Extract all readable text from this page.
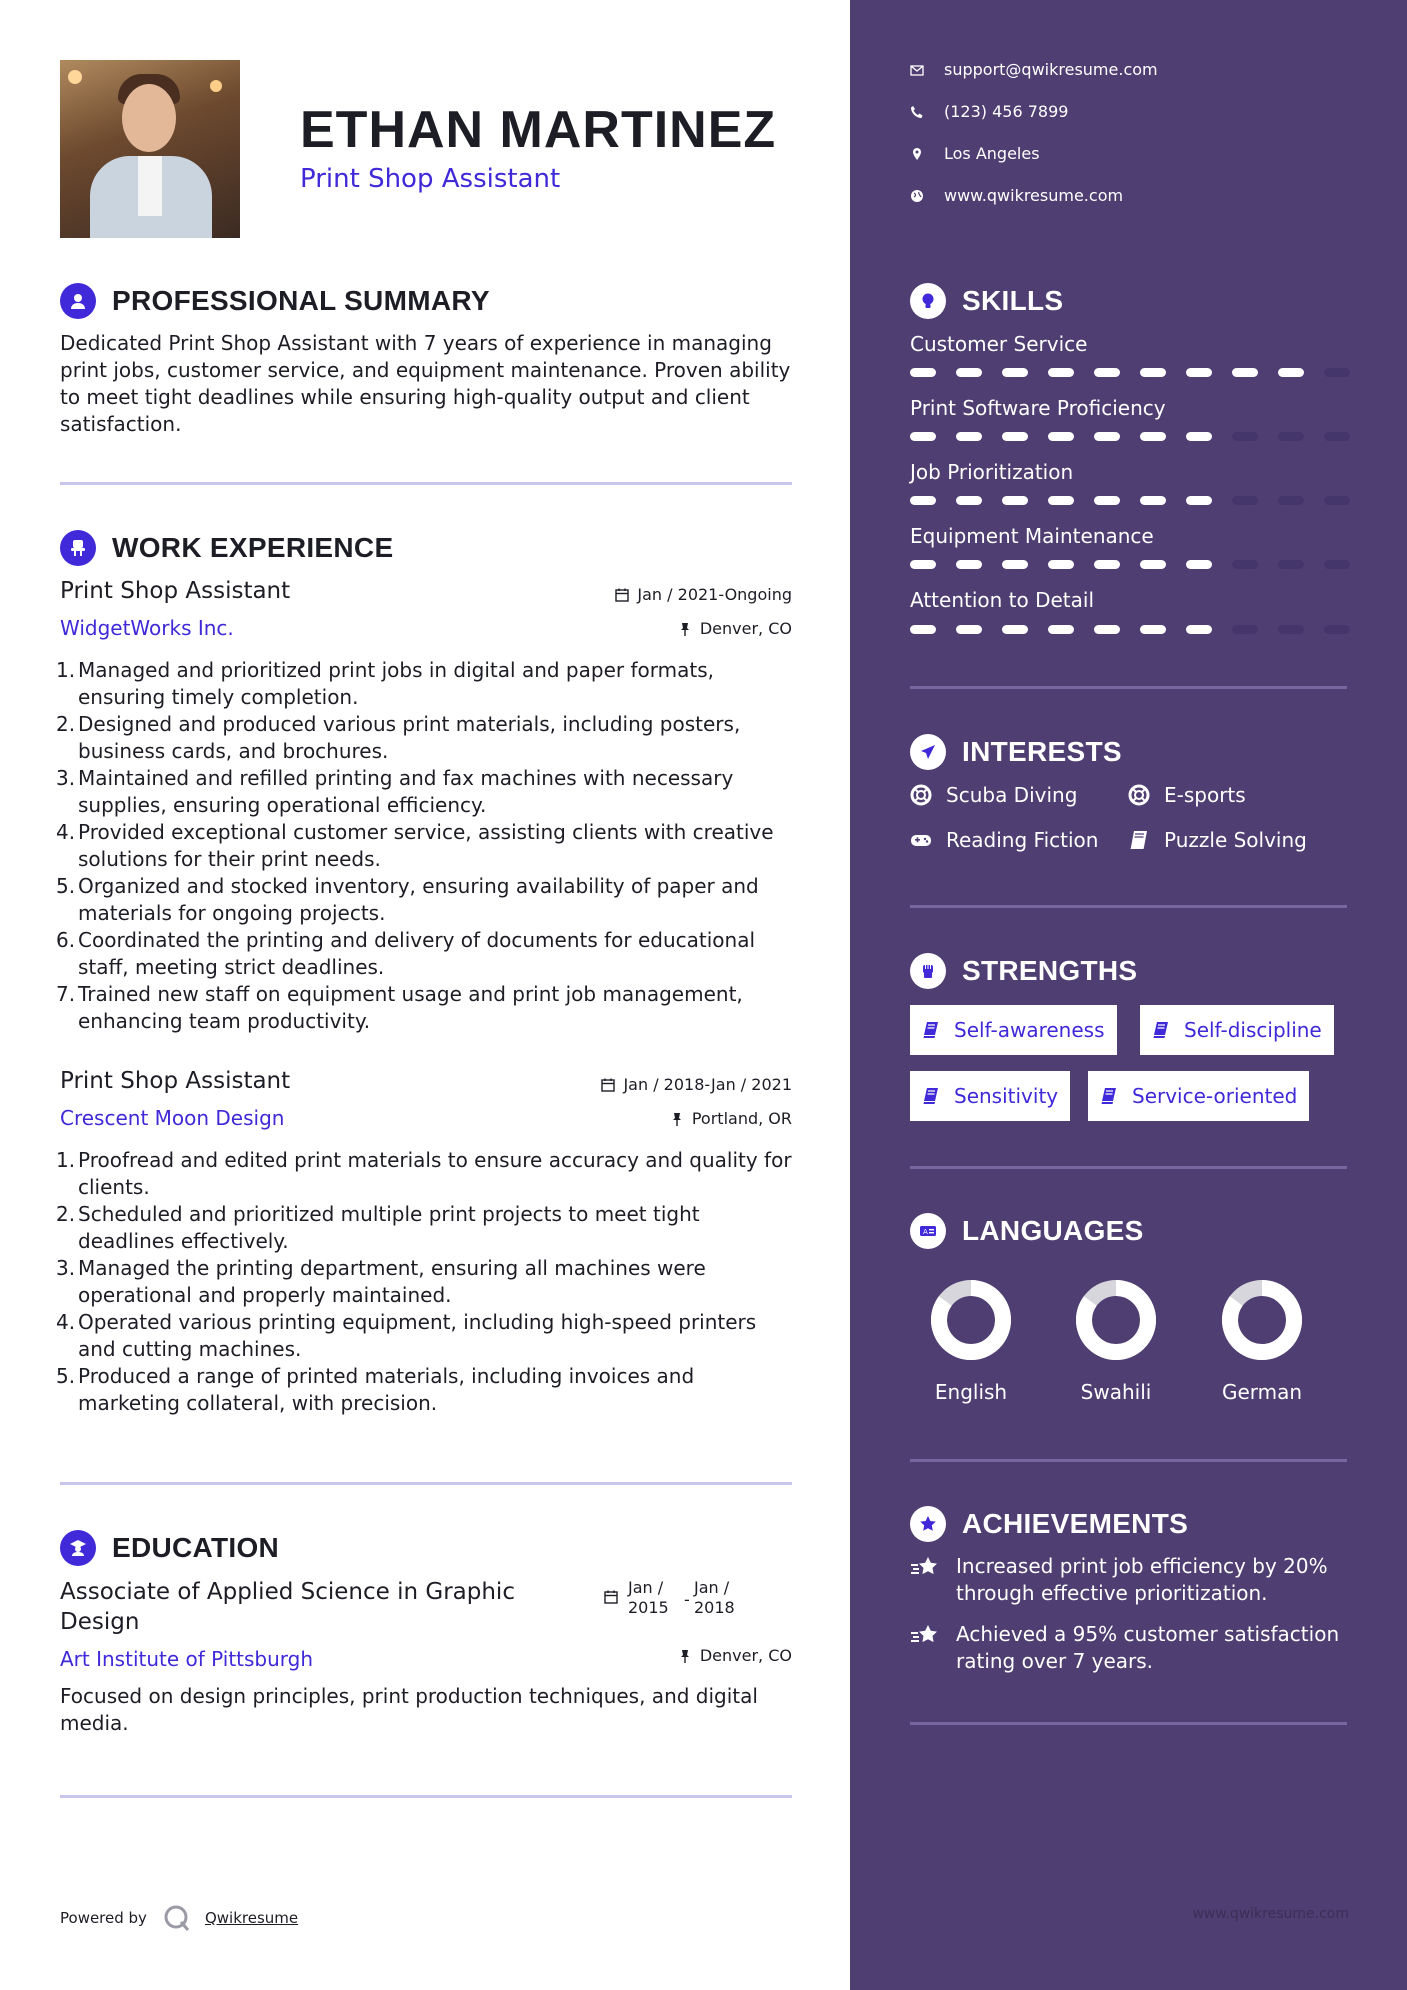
ETHAN MARTINEZ
Print Shop Assistant
PROFESSIONAL SUMMARY
Dedicated Print Shop Assistant with 7 years of experience in managing print jobs, customer service, and equipment maintenance. Proven ability to meet tight deadlines while ensuring high-quality output and client satisfaction.
WORK EXPERIENCE
Print Shop Assistant	Jan / 2021-Ongoing
WidgetWorks Inc.	Denver, CO
1. Managed and prioritized print jobs in digital and paper formats, ensuring timely completion.
2. Designed and produced various print materials, including posters, business cards, and brochures.
3. Maintained and refilled printing and fax machines with necessary supplies, ensuring operational efficiency.
4. Provided exceptional customer service, assisting clients with creative solutions for their print needs.
5. Organized and stocked inventory, ensuring availability of paper and materials for ongoing projects.
6. Coordinated the printing and delivery of documents for educational staff, meeting strict deadlines.
7. Trained new staff on equipment usage and print job management, enhancing team productivity.
Print Shop Assistant	Jan / 2018-Jan / 2021
Crescent Moon Design	Portland, OR
1. Proofread and edited print materials to ensure accuracy and quality for clients.
2. Scheduled and prioritized multiple print projects to meet tight deadlines effectively.
3. Managed the printing department, ensuring all machines were operational and properly maintained.
4. Operated various printing equipment, including high-speed printers and cutting machines.
5. Produced a range of printed materials, including invoices and marketing collateral, with precision.
EDUCATION
Associate of Applied Science in Graphic Design
Jan /
2015 -
Jan /
2018
Art Institute of Pittsburgh	Denver, CO
Focused on design principles, print production techniques, and digital media.
Powered by	Qwikresume
support@qwikresume.com
(123) 456 7899
Los Angeles
www.qwikresume.com
SKILLS
Customer Service
Print Software Proficiency
Job Prioritization
Equipment Maintenance
Attention to Detail
INTERESTS
Scuba Diving	E-sports
Reading Fiction	Puzzle Solving
STRENGTHS
Self-awareness	Self-discipline
Sensitivity	Service-oriented
A LANGUAGES
English	Swahili	German
ACHIEVEMENTS
Increased print job efficiency by 20% through effective prioritization.
Achieved a 95% customer satisfaction rating over 7 years.
www.qwikresume.com
